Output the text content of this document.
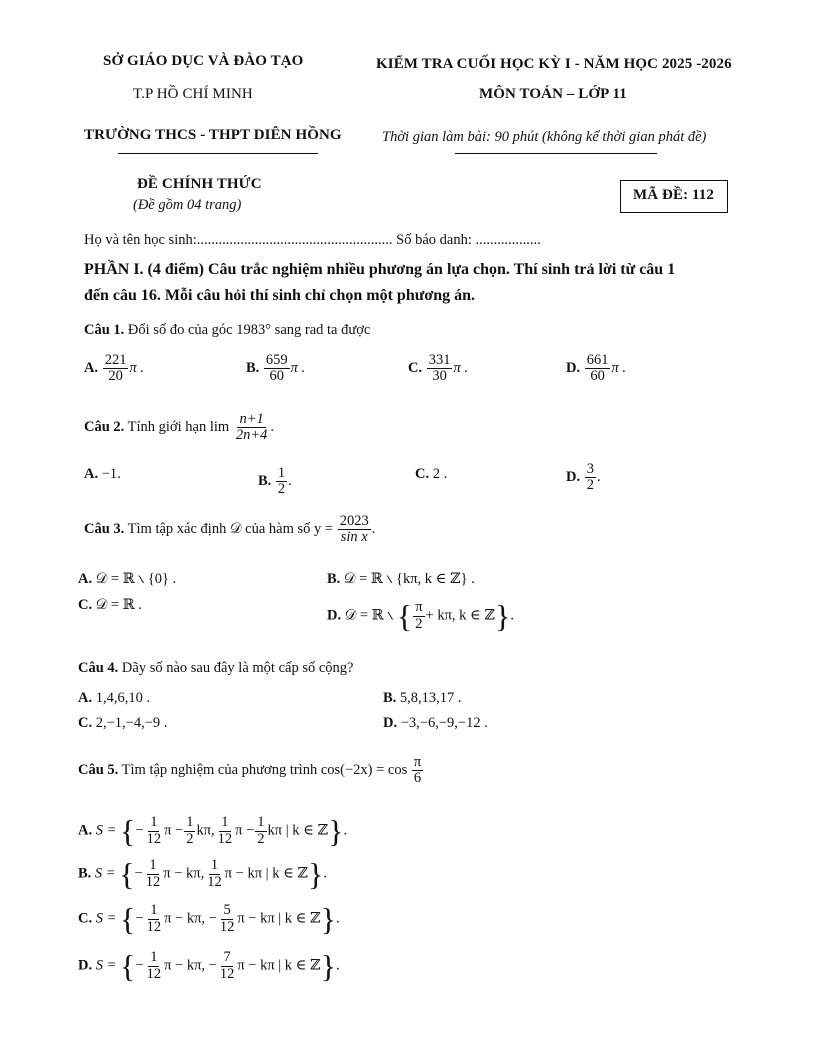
SỞ GIÁO DỤC VÀ ĐÀO TẠO
T.P HỒ CHÍ MINH
TRƯỜNG THCS - THPT DIÊN HỒNG
KIỂM TRA CUỐI HỌC KỲ I - NĂM HỌC 2025 -2026
MÔN TOÁN – LỚP 11
Thời gian làm bài: 90 phút (không kể thời gian phát đề)
ĐỀ CHÍNH THỨC
(Đề gồm 04 trang)
MÃ ĐỀ: 112
Họ và tên học sinh:...................................................... Số báo danh: ..................
PHẦN I. (4 điểm) Câu trắc nghiệm nhiều phương án lựa chọn. Thí sinh trả lời từ câu 1
đến câu 16. Mỗi câu hỏi thí sinh chỉ chọn một phương án.
Câu 1. Đổi số đo của góc 1983° sang rad ta được
A. $\frac{221}{20}$ π .	B. $\frac{659}{60}$ π .	C. $\frac{331}{30}$ π .	D. $\frac{661}{60}$ π .
Câu 2. Tính giới hạn $\lim \frac{n+1}{2n+4}$ .
A. −1.	B. $\frac{1}{2}$ .	C. 2 .	D. $\frac{3}{2}$ .
Câu 3. Tìm tập xác định 𝒟 của hàm số $y = \frac{2023}{\text{sin x}}$ .
A. 𝒟 = ℝ ∖ {0} .	B. 𝒟 = ℝ ∖ {kπ, k ∈ ℤ} .
C. 𝒟 = ℝ .
D. 𝒟 = ℝ ∖ { $\frac{\pi}{2} + k\pi$, k ∈ ℤ}.
Câu 4. Dãy số nào sau đây là một cấp số cộng?
A. 1,4,6,10 .	B. 5,8,13,17 .
C. 2,−1,−4,−9 .	D. −3,−6,−9,−12 .
Câu 5. Tìm tập nghiệm của phương trình $\cos(-2x) = \cos \frac{\pi}{6}$
A. S = {− $\frac{1}{12}$ $\pi - \frac{1}{2} k\pi$, $\frac{1}{12}$ $\pi - \frac{1}{2}$ kπ | k ∈ ℤ}.
B. S = {− $\frac{1}{12}$ π − kπ, $\frac{1}{12}$ π − kπ | k ∈ ℤ}.
C. S = {− $\frac{1}{12}$ π − kπ, − $\frac{5}{12}$ π − kπ | k ∈ ℤ}.
D. S = {− $\frac{1}{12}$ π − kπ, − $\frac{7}{12}$ π − kπ | k ∈ ℤ}.
